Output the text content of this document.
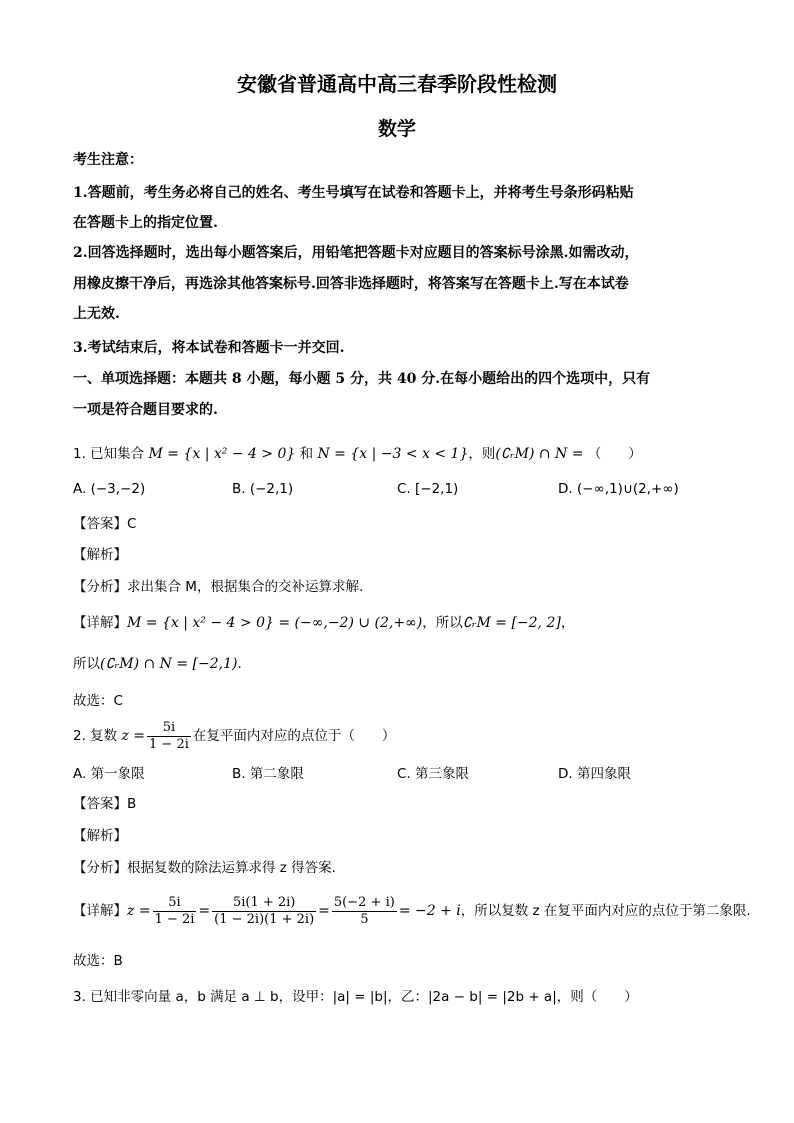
安徽省普通高中高三春季阶段性检测
数学
考生注意：
1.答题前，考生务必将自己的姓名、考生号填写在试卷和答题卡上，并将考生号条形码粘贴
在答题卡上的指定位置.
2.回答选择题时，选出每小题答案后，用铅笔把答题卡对应题目的答案标号涂黑.如需改动，
用橡皮擦干净后，再选涂其他答案标号.回答非选择题时，将答案写在答题卡上.写在本试卷
上无效.
3.考试结束后，将本试卷和答题卡一并交回.
一、单项选择题：本题共 8 小题，每小题 5 分，共 40 分.在每小题给出的四个选项中，只有
一项是符合题目要求的.
1. 已知集合 M = {x | x² − 4 > 0} 和 N = {x | −3 < x < 1}，则(∁ᵣM) ∩ N = （　　）
A. (−3,−2)	B. (−2,1)	C. [−2,1)	D. (−∞,1)∪(2,+∞)
【答案】C
【解析】
【分析】求出集合 M，根据集合的交补运算求解.
【详解】M = {x | x² − 4 > 0} = (−∞,−2) ∪ (2,+∞)，所以∁ᵣM = [−2, 2]，
所以(∁ᵣM) ∩ N = [−2,1).
故选：C
2. 复数 $z = \frac{5i}{1 - 2i}$ 在复平面内对应的点位于（　　）
A. 第一象限	B. 第二象限	C. 第三象限	D. 第四象限
【答案】B
【解析】
【分析】根据复数的除法运算求得 z 得答案.
【详解】$z = \frac{5i}{1 - 2i} = \frac{5i(1 + 2i)}{(1 - 2i)(1 + 2i)} = \frac{5(-2 + i)}{5} = -2 + i$，所以复数 z 在复平面内对应的点位于第二象限.
故选：B
3. 已知非零向量 a，b 满足 a ⊥ b，设甲：|a| = |b|，乙：|2a − b| = |2b + a|，则（　　）
